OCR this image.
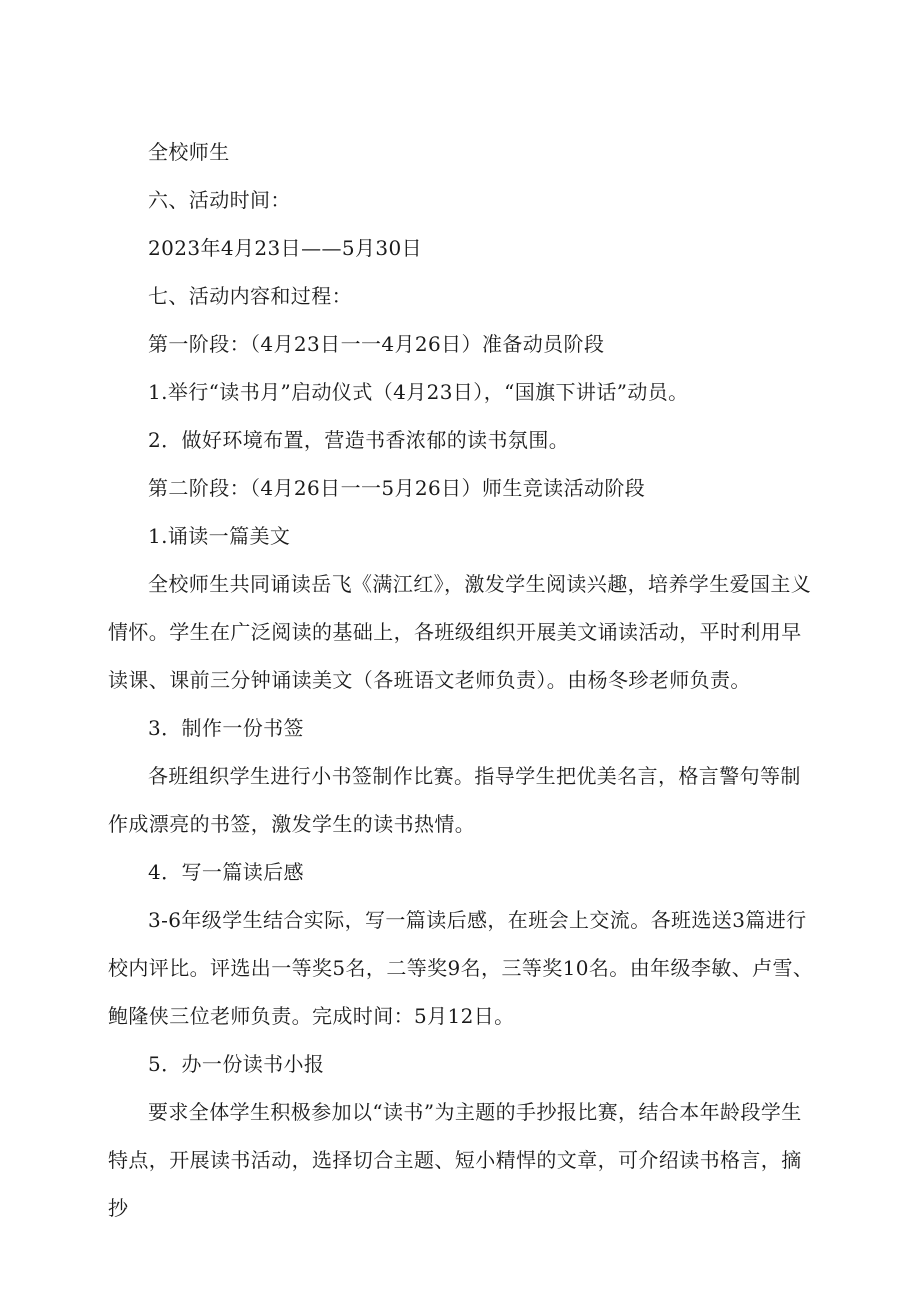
全校师生

六、活动时间：

2023年4月23日——5月30日

七、活动内容和过程：

第一阶段：（4月23日一一4月26日）准备动员阶段

1.举行“读书月”启动仪式（4月23日），“国旗下讲话”动员。

2．做好环境布置，营造书香浓郁的读书氛围。

第二阶段：（4月26日一一5月26日）师生竞读活动阶段

1.诵读一篇美文

全校师生共同诵读岳飞《满江红》，激发学生阅读兴趣，培养学生爱国主义情怀。学生在广泛阅读的基础上，各班级组织开展美文诵读活动，平时利用早读课、课前三分钟诵读美文（各班语文老师负责）。由杨冬珍老师负责。

3．制作一份书签

各班组织学生进行小书签制作比赛。指导学生把优美名言，格言警句等制作成漂亮的书签，激发学生的读书热情。

4．写一篇读后感

3-6年级学生结合实际，写一篇读后感，在班会上交流。各班选送3篇进行校内评比。评选出一等奖5名，二等奖9名，三等奖10名。由年级李敏、卢雪、鲍隆侠三位老师负责。完成时间：5月12日。

5．办一份读书小报

要求全体学生积极参加以“读书”为主题的手抄报比赛，结合本年龄段学生特点，开展读书活动，选择切合主题、短小精悍的文章，可介绍读书格言，摘抄
